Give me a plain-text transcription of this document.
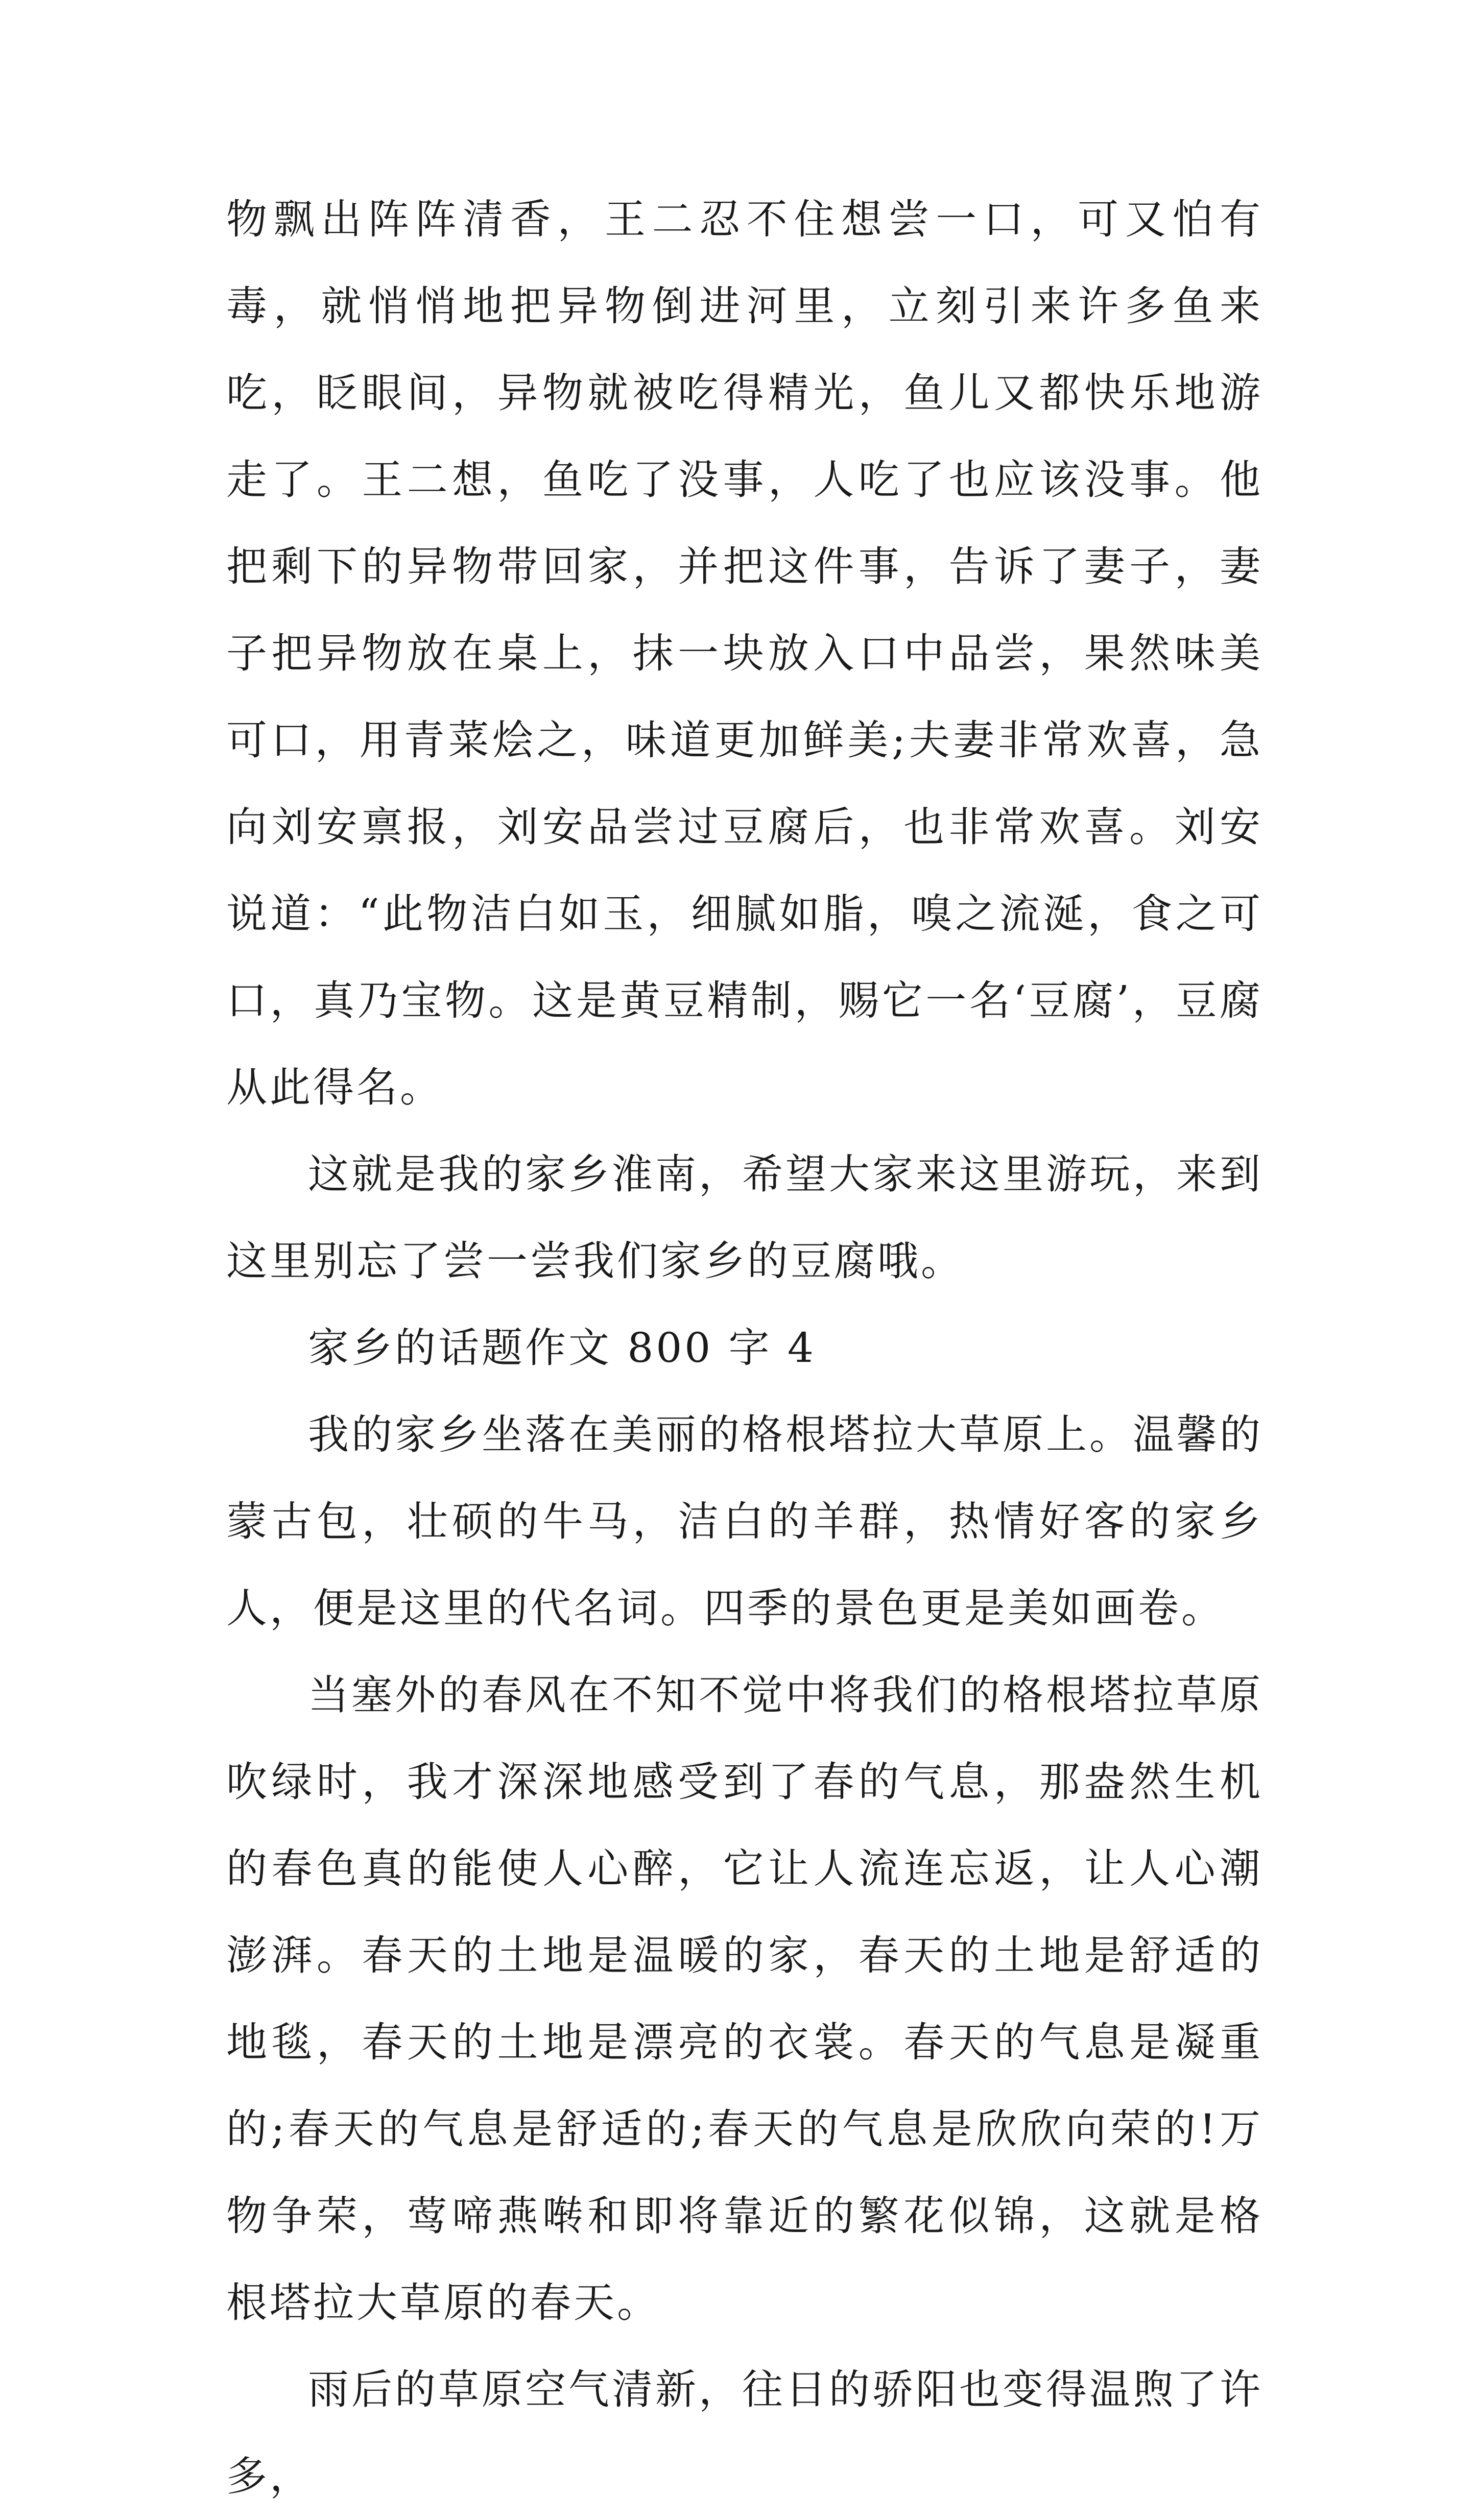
物飘出阵阵清香，王二忍不住想尝一口，可又怕有毒，就悄悄地把异物倒进河里，立刻引来许多鱼来吃，眨眼间，异物就被吃得精光，鱼儿又都快乐地游走了。王二想，鱼吃了没事，人吃了也应该没事。他把剩下的异物带回家，并把这件事，告诉了妻子，妻子把异物放在桌上，抹一块放入口中品尝，果然味美可口，用青菜烩之，味道更加鲜美;夫妻非常欢喜，急向刘安禀报，刘安品尝过豆腐后，也非常欢喜。刘安说道：“此物洁白如玉，细腻如脂，嗅之流涎，食之可口，真乃宝物。这是黄豆精制，赐它一名‘豆腐’，豆腐从此得名。

这就是我的家乡淮南，希望大家来这里游玩，来到这里别忘了尝一尝我们家乡的豆腐哦。

家乡的话题作文 800 字 4

我的家乡坐落在美丽的格根塔拉大草原上。温馨的蒙古包，壮硕的牛马，洁白的羊群，热情好客的家乡人，便是这里的代名词。四季的景色更是美如画卷。

当塞外的春风在不知不觉中将我们的格根塔拉草原吹绿时，我才深深地感受到了春的气息，那盎然生机的春色真的能使人心醉，它让人流连忘返，让人心潮澎湃。春天的土地是温暖的家，春天的土地是舒适的地毯，春天的土地是漂亮的衣裳。春天的气息是凝重的;春天的气息是舒适的;春天的气息是欣欣向荣的!万物争荣，莺啼燕啭和即将靠近的繁花似锦，这就是格根塔拉大草原的春天。

雨后的草原空气清新，往日的骄阳也变得温煦了许多，
